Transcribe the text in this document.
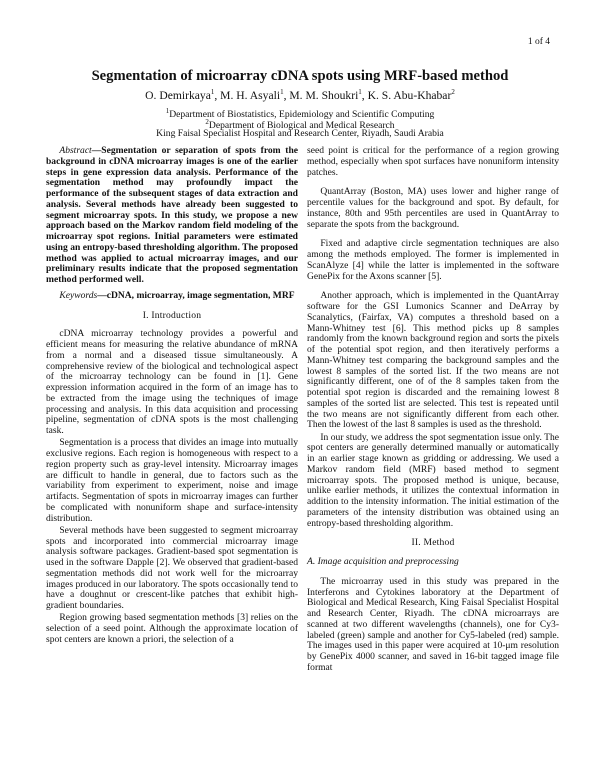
1 of 4
Segmentation of microarray cDNA spots using MRF-based method
O. Demirkaya$^1$, M. H. Asyali$^1$, M. M. Shoukri$^1$, K. S. Abu-Khabar$^2$
$^1$Department of Biostatistics, Epidemiology and Scientific Computing
$^2$Department of Biological and Medical Research
King Faisal Specialist Hospital and Research Center, Riyadh, Saudi Arabia

Abstract—Segmentation or separation of spots from the background in cDNA microarray images is one of the earlier steps in gene expression data analysis. Performance of the segmentation method may profoundly impact the performance of the subsequent stages of data extraction and analysis. Several methods have already been suggested to segment microarray spots. In this study, we propose a new approach based on the Markov random field modeling of the microarray spot regions. Initial parameters were estimated using an entropy-based thresholding algorithm. The proposed method was applied to actual microarray images, and our preliminary results indicate that the proposed segmentation method performed well.

Keywords—cDNA, microarray, image segmentation, MRF

I. Introduction

cDNA microarray technology provides a powerful and efficient means for measuring the relative abundance of mRNA from a normal and a diseased tissue simultaneously. A comprehensive review of the biological and technological aspect of the microarray technology can be found in [1]. Gene expression information acquired in the form of an image has to be extracted from the image using the techniques of image processing and analysis. In this data acquisition and processing pipeline, segmentation of cDNA spots is the most challenging task.

Segmentation is a process that divides an image into mutually exclusive regions. Each region is homogeneous with respect to a region property such as gray-level intensity. Microarray images are difficult to handle in general, due to factors such as the variability from experiment to experiment, noise and image artifacts. Segmentation of spots in microarray images can further be complicated with nonuniform shape and surface-intensity distribution.

Several methods have been suggested to segment microarray spots and incorporated into commercial microarray image analysis software packages. Gradient-based spot segmentation is used in the software Dapple [2]. We observed that gradient-based segmentation methods did not work well for the microarray images produced in our laboratory. The spots occasionally tend to have a doughnut or crescent-like patches that exhibit high-gradient boundaries.

Region growing based segmentation methods [3] relies on the selection of a seed point. Although the approximate location of spot centers are known a priori, the selection of a

seed point is critical for the performance of a region growing method, especially when spot surfaces have nonuniform intensity patches.

QuantArray (Boston, MA) uses lower and higher range of percentile values for the background and spot. By default, for instance, 80th and 95th percentiles are used in QuantArray to separate the spots from the background.

Fixed and adaptive circle segmentation techniques are also among the methods employed. The former is implemented in ScanAlyze [4] while the latter is implemented in the software GenePix for the Axons scanner [5].

Another approach, which is implemented in the QuantArray software for the GSI Lumonics Scanner and DeArray by Scanalytics, (Fairfax, VA) computes a threshold based on a Mann-Whitney test [6]. This method picks up 8 samples randomly from the known background region and sorts the pixels of the potential spot region, and then iteratively performs a Mann-Whitney test comparing the background samples and the lowest 8 samples of the sorted list. If the two means are not significantly different, one of of the 8 samples taken from the potential spot region is discarded and the remaining lowest 8 samples of the sorted list are selected. This test is repeated until the two means are not significantly different from each other. Then the lowest of the last 8 samples is used as the threshold.

In our study, we address the spot segmentation issue only. The spot centers are generally determined manually or automatically in an earlier stage known as gridding or addressing. We used a Markov random field (MRF) based method to segment microarray spots. The proposed method is unique, because, unlike earlier methods, it utilizes the contextual information in addition to the intensity information. The initial estimation of the parameters of the intensity distribution was obtained using an entropy-based thresholding algorithm.

II. Method

A. Image acquisition and preprocessing

The microarray used in this study was prepared in the Interferons and Cytokines laboratory at the Department of Biological and Medical Research, King Faisal Specialist Hospital and Research Center, Riyadh. The cDNA microarrays are scanned at two different wavelengths (channels), one for Cy3-labeled (green) sample and another for Cy5-labeled (red) sample. The images used in this paper were acquired at 10-μm resolution by GenePix 4000 scanner, and saved in 16-bit tagged image file format
